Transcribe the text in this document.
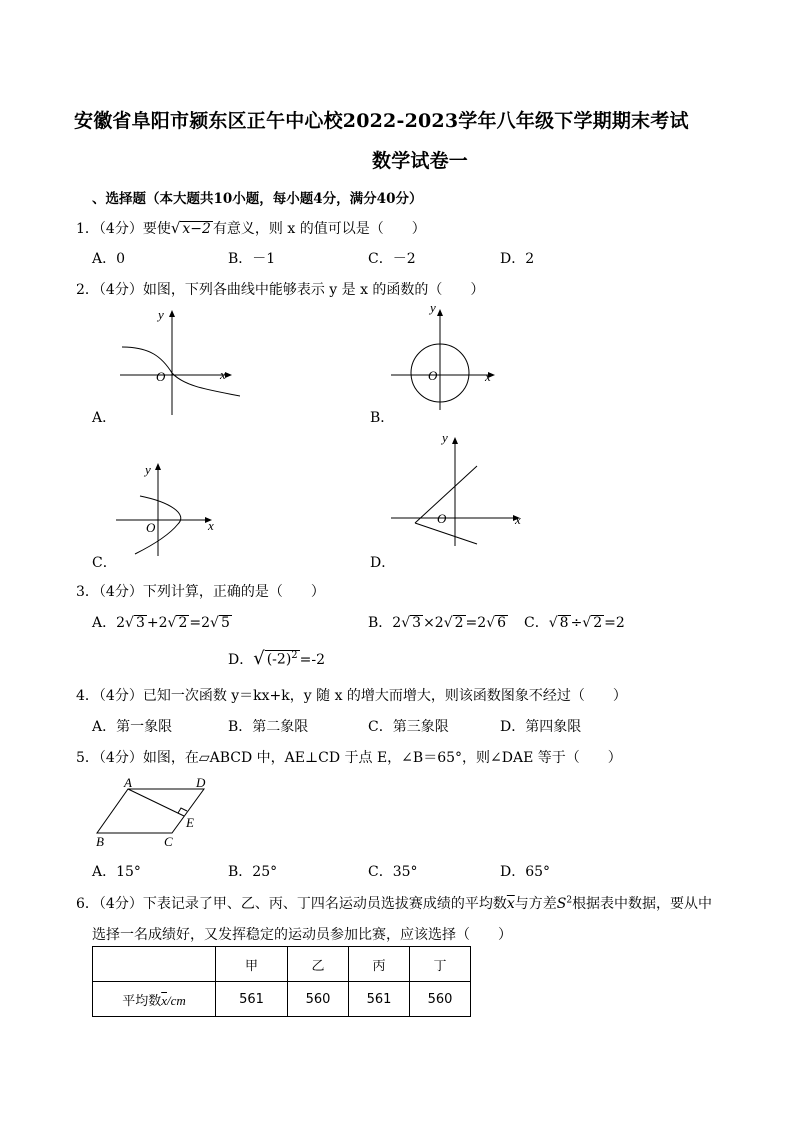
安徽省阜阳市颍东区正午中心校2022-2023学年八年级下学期期末考试
数学试卷一
、选择题（本大题共10小题，每小题4分，满分40分）
1．（4分）要使√ x−2 有意义，则 x 的值可以是（　　）
A．0	B．－1	C．－2	D．2
2．（4分）如图，下列各曲线中能够表示 y 是 x 的函数的（　　）
y
x
O
A．
y
x
O
B．
y
x
O
C．
y
x
O
D．
3．（4分）下列计算，正确的是（　　）
A．2√ 3 +2√ 2 =2√ 5	B．2√ 3 ×2√ 2 =2√ 6 C．√ 8 ÷√ 2 =2
D．√ $(-2)^2 =-2$
4．（4分）已知一次函数 y＝kx+k，y 随 x 的增大而增大，则该函数图象不经过（　　）
A．第一象限	B．第二象限	C．第三象限	D．第四象限
5．（4分）如图，在▱ABCD 中，AE⊥CD 于点 E，∠B＝65°，则∠DAE 等于（　　）
A	D
B	C
E
A．15°	B．25°	C．35°	D．65°
6．（4分）下表记录了甲、乙、丙、丁四名运动员选拔赛成绩的平均数$\overline{x}$与方差$S^2$根据表中数据，要从中
选择一名成绩好，又发挥稳定的运动员参加比赛，应该选择（　　）
	甲	乙	丙	丁
平均数$\overline{x}/cm$	561	560	561	560
